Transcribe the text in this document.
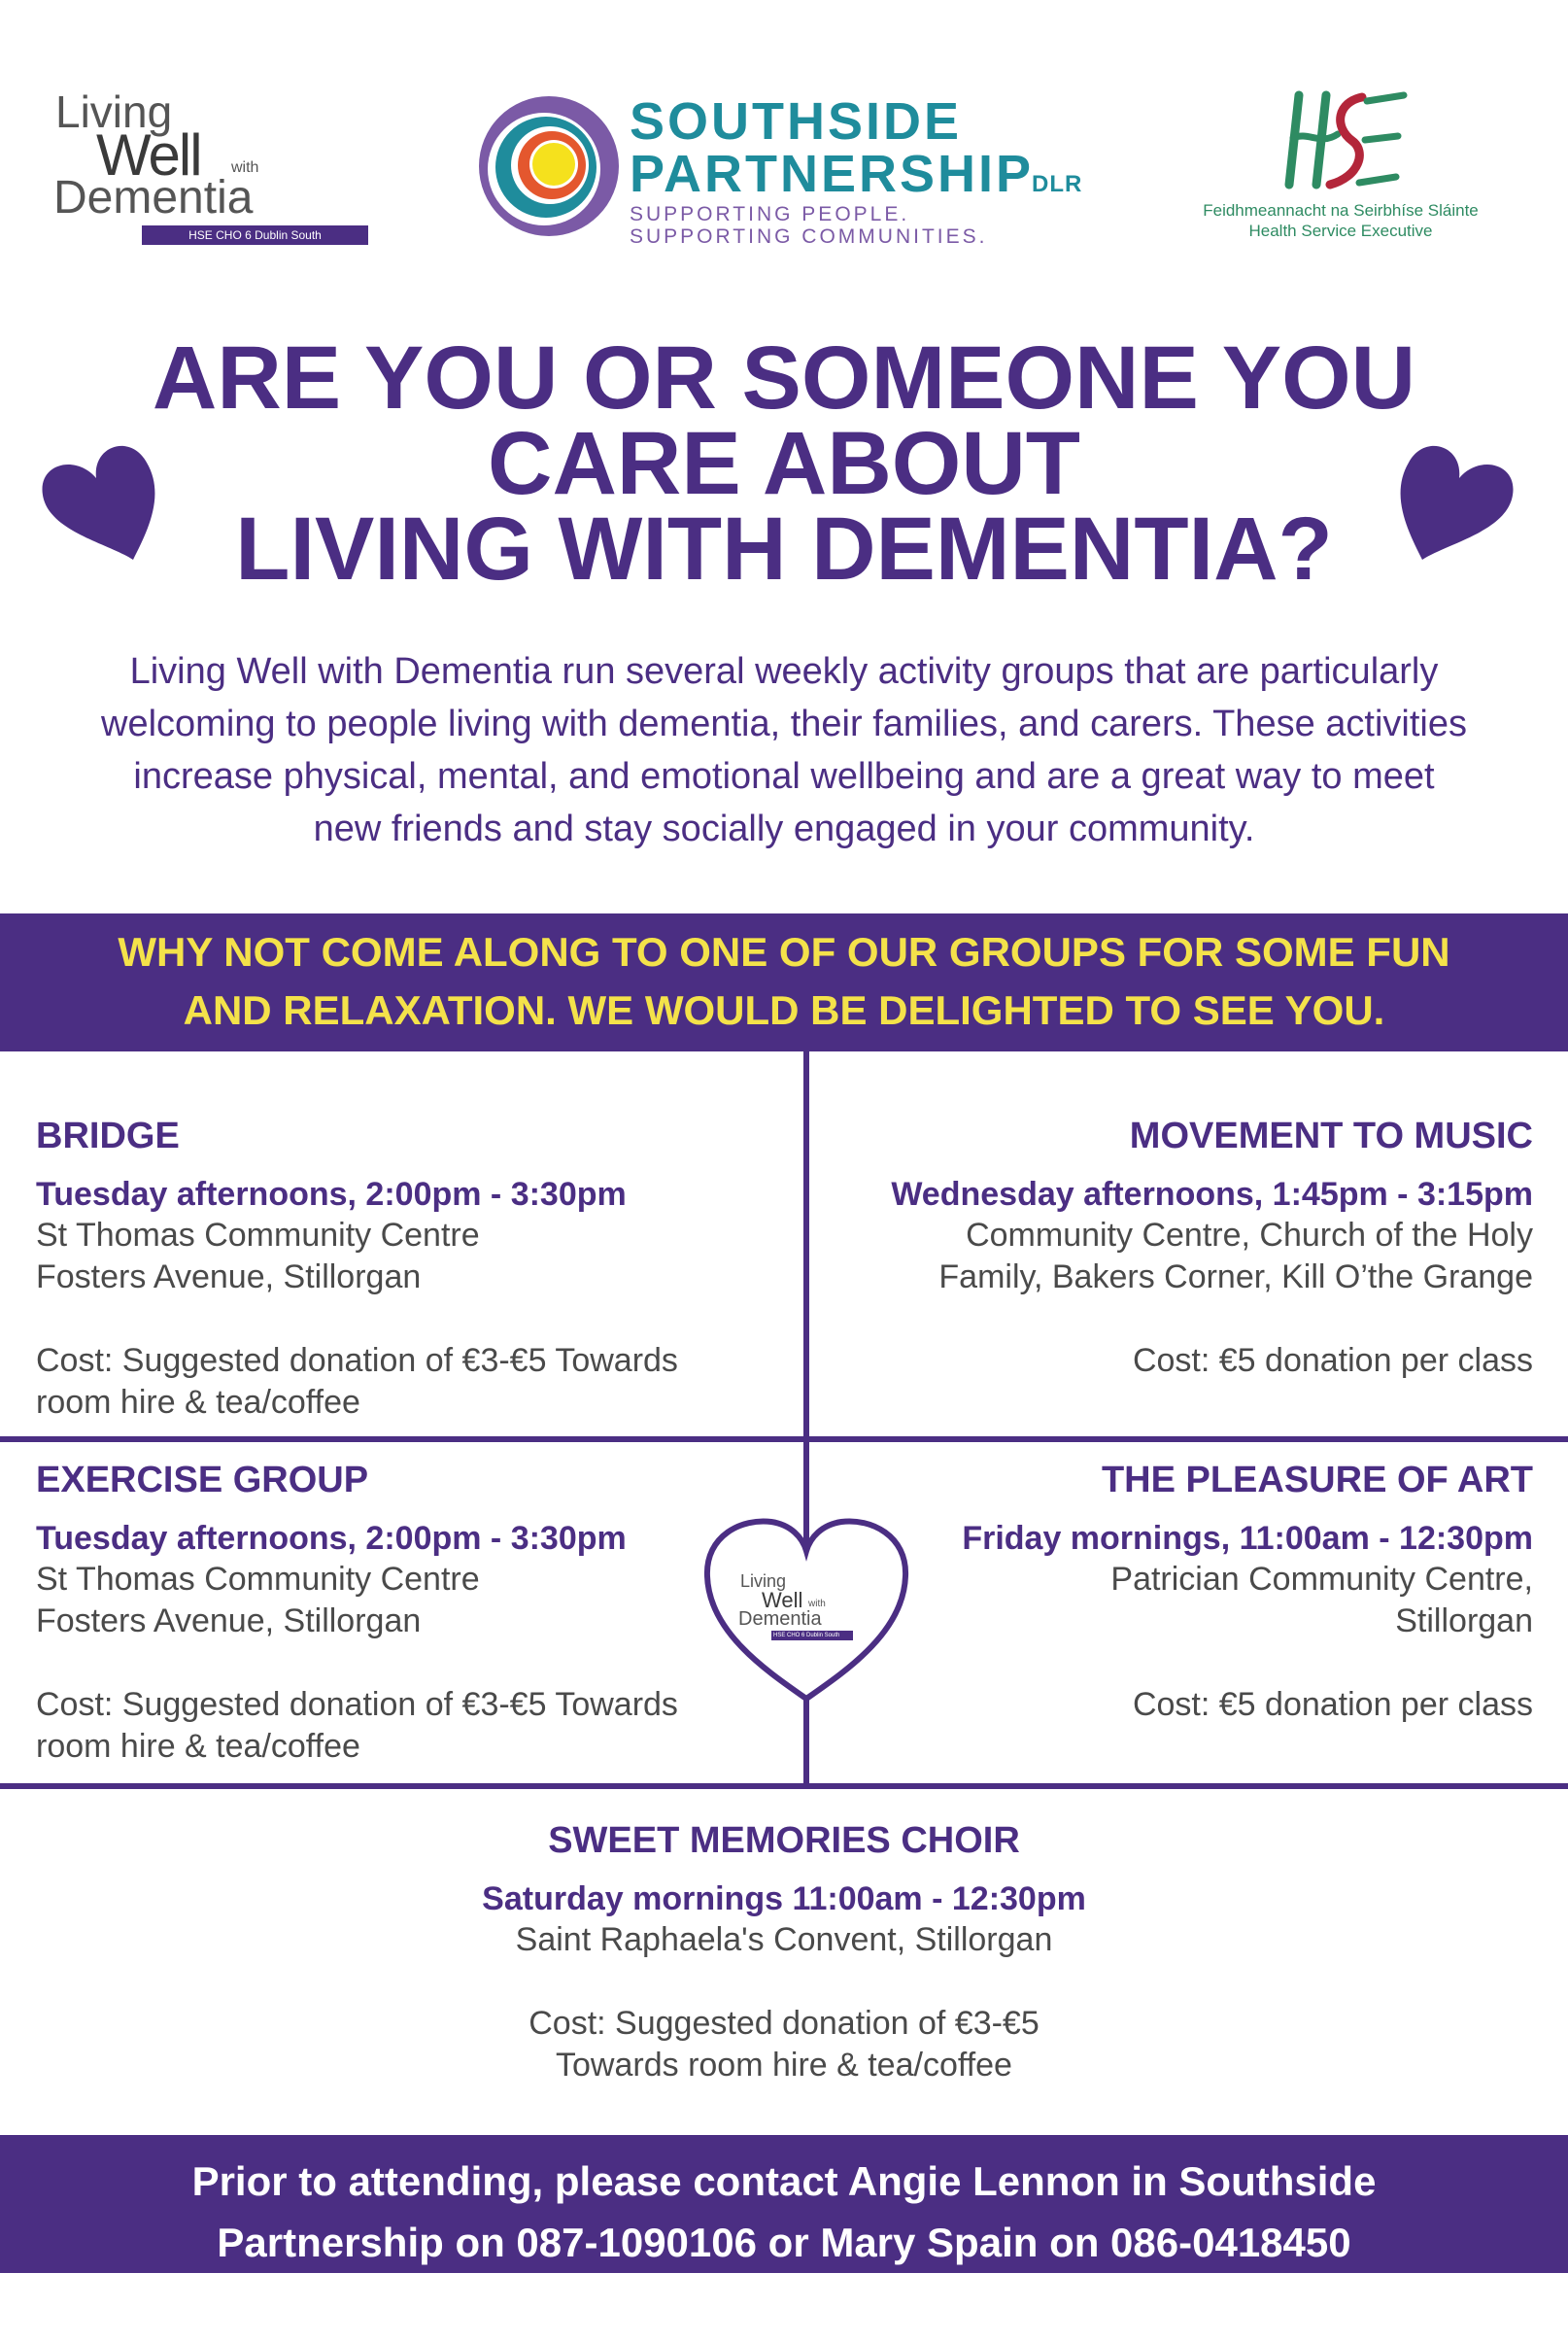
Living
Well with
Dementia
HSE CHO 6 Dublin South
SOUTHSIDE
PARTNERSHIP
DLR
SUPPORTING PEOPLE.
SUPPORTING COMMUNITIES.
Feidhmeannacht na Seirbhíse Sláinte
Health Service Executive
ARE YOU OR SOMEONE YOU
CARE ABOUT
LIVING WITH DEMENTIA?
Living Well with Dementia run several weekly activity groups that are particularly
welcoming to people living with dementia, their families, and carers. These activities
increase physical, mental, and emotional wellbeing and are a great way to meet
new friends and stay socially engaged in your community.
WHY NOT COME ALONG TO ONE OF OUR GROUPS FOR SOME FUN
AND RELAXATION. WE WOULD BE DELIGHTED TO SEE YOU.
BRIDGE
Tuesday afternoons, 2:00pm - 3:30pm
St Thomas Community Centre
Fosters Avenue, Stillorgan
Cost: Suggested donation of €3-€5 Towards
room hire & tea/coffee
MOVEMENT TO MUSIC
Wednesday afternoons, 1:45pm - 3:15pm
Community Centre, Church of the Holy
Family, Bakers Corner, Kill O’the Grange
Cost: €5 donation per class
EXERCISE GROUP
Tuesday afternoons, 2:00pm - 3:30pm
St Thomas Community Centre
Fosters Avenue, Stillorgan
Cost: Suggested donation of €3-€5 Towards
room hire & tea/coffee
THE PLEASURE OF ART
Friday mornings, 11:00am - 12:30pm
Patrician Community Centre,
Stillorgan
Cost: €5 donation per class
Living
Well with
Dementia
HSE CHO 6 Dublin South
SWEET MEMORIES CHOIR
Saturday mornings 11:00am - 12:30pm
Saint Raphaela's Convent, Stillorgan
Cost: Suggested donation of €3-€5
Towards room hire & tea/coffee
Prior to attending, please contact Angie Lennon in Southside
Partnership on 087-1090106 or Mary Spain on 086-0418450
